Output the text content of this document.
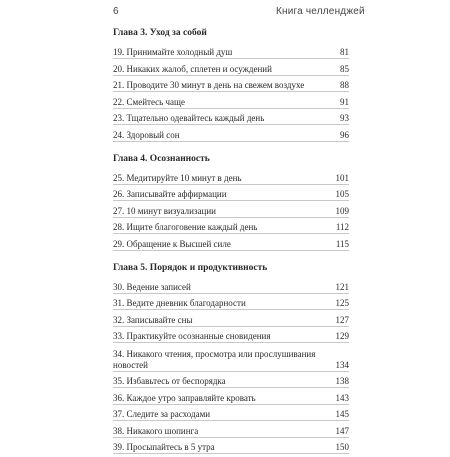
6	Книга челленджей
Глава 3. Уход за собой
19. Принимайте холодный душ	81
20. Никаких жалоб, сплетен и осуждений	85
21. Проводите 30 минут в день на свежем воздухе	88
22. Смейтесь чаще	91
23. Тщательно одевайтесь каждый день	93
24. Здоровый сон	96
Глава 4. Осознанность
25. Медитируйте 10 минут в день	101
26. Записывайте аффирмации	105
27. 10 минут визуализации	109
28. Ищите благоговение каждый день	112
29. Обращение к Высшей силе	115
Глава 5. Порядок и продуктивность
30. Ведение записей	121
31. Ведите дневник благодарности	125
32. Записывайте сны	127
33. Практикуйте осознанные сновидения	129
34. Никакого чтения, просмотра или прослушивания
новостей	134
35. Избавьтесь от беспорядка	138
36. Каждое утро заправляйте кровать	143
37. Следите за расходами	145
38. Никакого шопинга	147
39. Просыпайтесь в 5 утра	150
